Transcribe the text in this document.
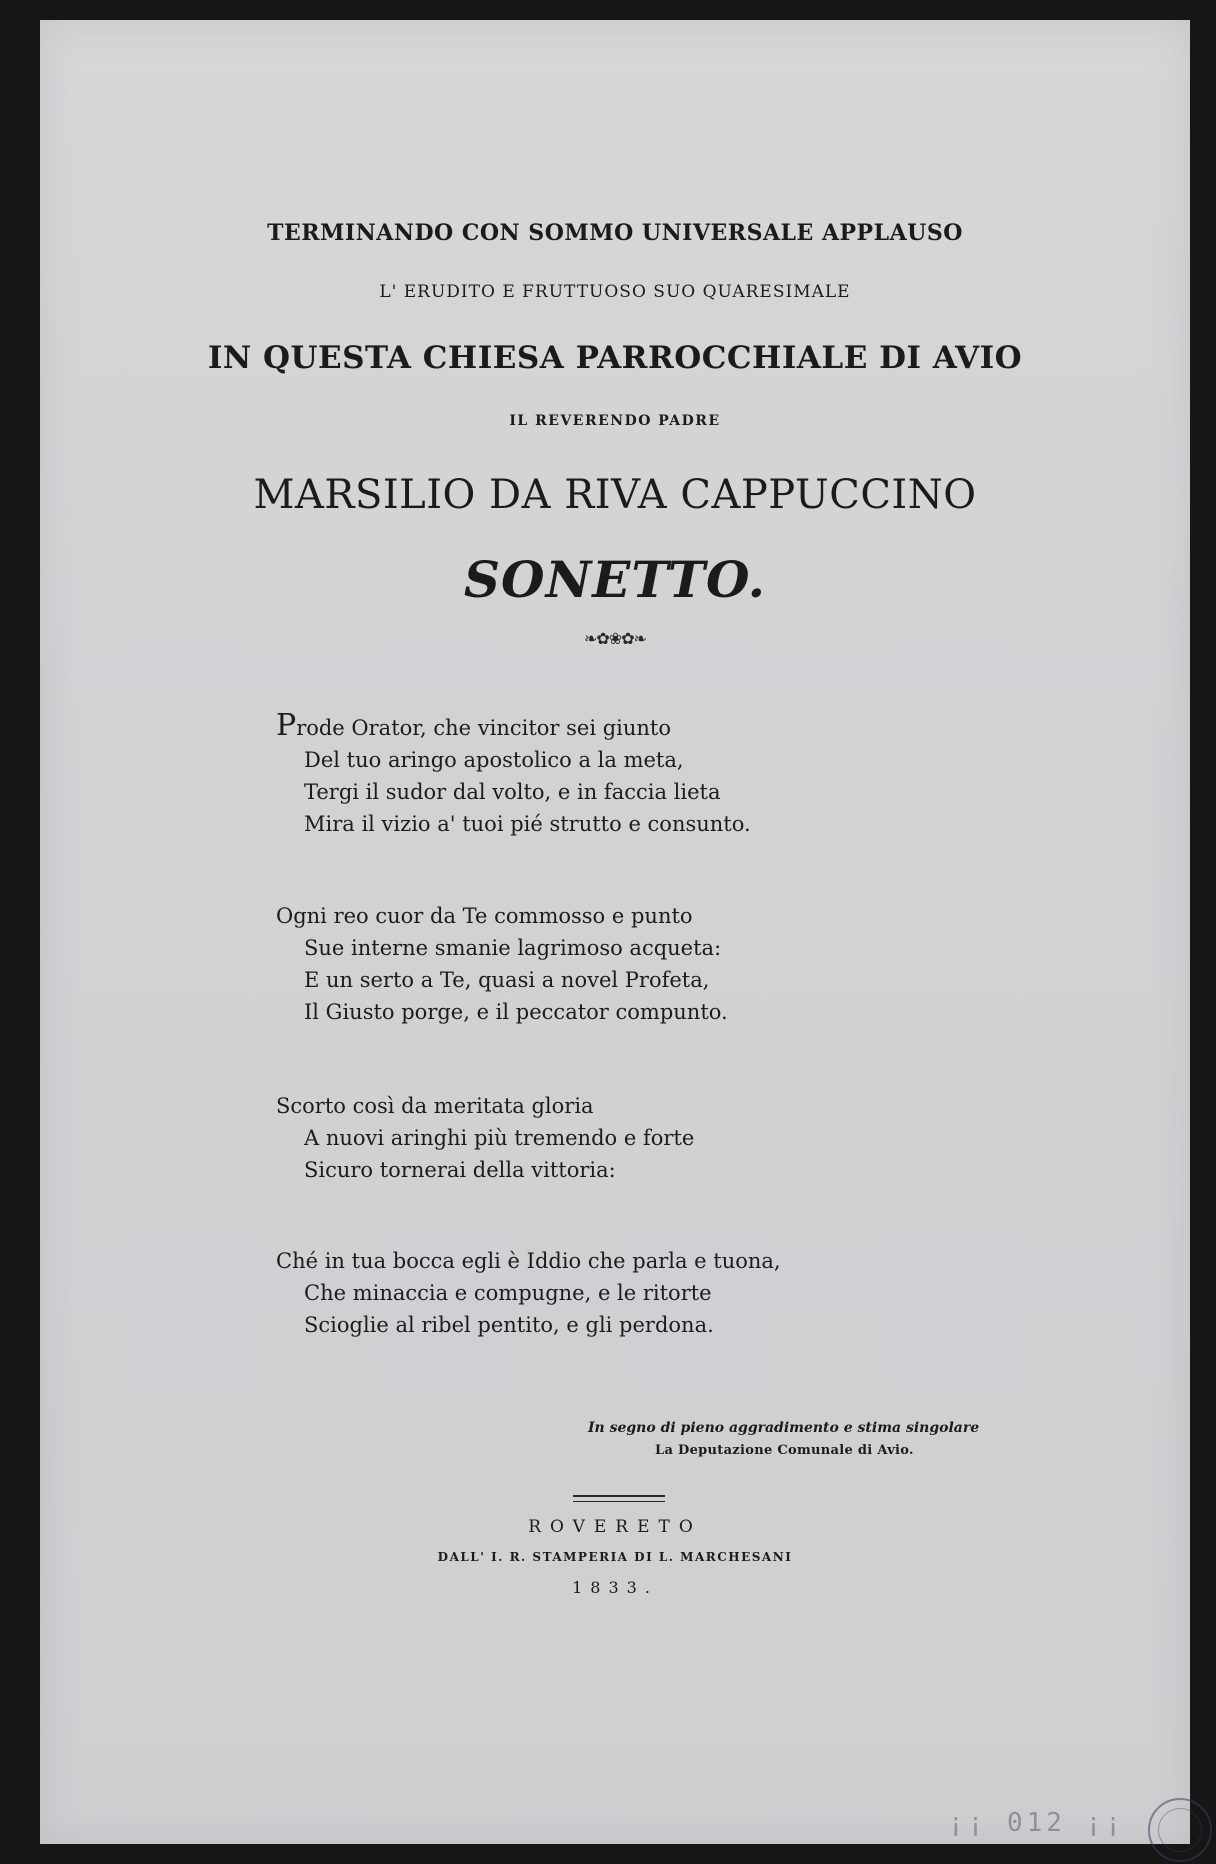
TERMINANDO CON SOMMO UNIVERSALE APPLAUSO
L' ERUDITO E FRUTTUOSO SUO QUARESIMALE
IN QUESTA CHIESA PARROCCHIALE DI AVIO
IL REVERENDO PADRE
MARSILIO DA RIVA CAPPUCCINO
SONETTO.
❧✿❀✿❧
Prode Orator, che vincitor sei giunto
Del tuo aringo apostolico a la meta,
Tergi il sudor dal volto, e in faccia lieta
Mira il vizio a' tuoi pié strutto e consunto.
Ogni reo cuor da Te commosso e punto
Sue interne smanie lagrimoso acqueta:
E un serto a Te, quasi a novel Profeta,
Il Giusto porge, e il peccator compunto.
Scorto così da meritata gloria
A nuovi aringhi più tremendo e forte
Sicuro tornerai della vittoria:
Ché in tua bocca egli è Iddio che parla e tuona,
Che minaccia e compugne, e le ritorte
Scioglie al ribel pentito, e gli perdona.
In segno di pieno aggradimento e stima singolare
La Deputazione Comunale di Avio.
ROVERETO
DALL' I. R. STAMPERIA DI L. MARCHESANI
1833.
¡¡ 012 ¡¡
